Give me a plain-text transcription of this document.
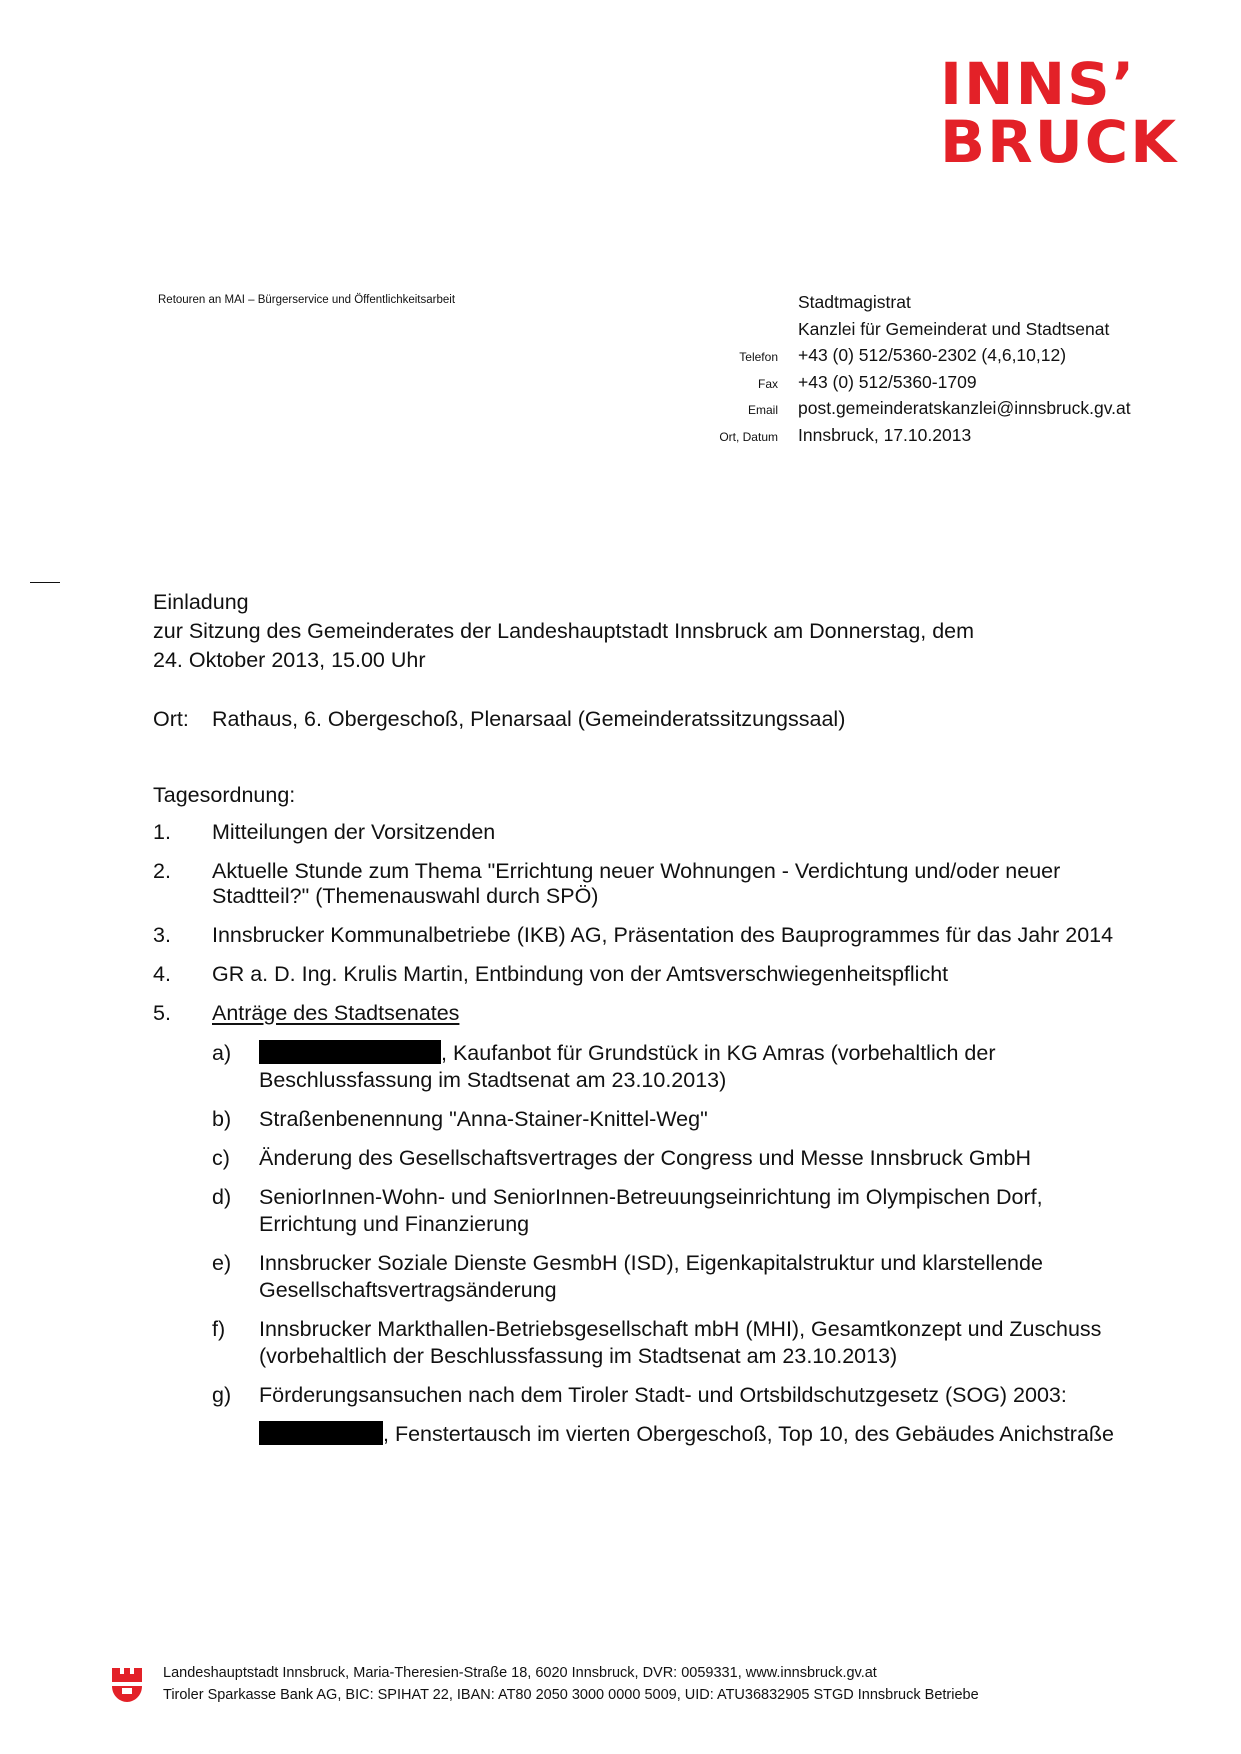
INNS’
BRUCK
Retouren an MAI – Bürgerservice und Öffentlichkeitsarbeit	Stadtmagistrat
Kanzlei für Gemeinderat und Stadtsenat
Telefon	+43 (0) 512/5360-2302 (4,6,10,12)
Fax	+43 (0) 512/5360-1709
Email	post.gemeinderatskanzlei@innsbruck.gv.at
Ort, Datum	Innsbruck, 17.10.2013
Einladung
zur Sitzung des Gemeinderates der Landeshauptstadt Innsbruck am Donnerstag, dem
24. Oktober 2013, 15.00 Uhr
Ort:	Rathaus, 6. Obergeschoß, Plenarsaal (Gemeinderatssitzungssaal)
Tagesordnung:
1.	Mitteilungen der Vorsitzenden
2.	Aktuelle Stunde zum Thema "Errichtung neuer Wohnungen - Verdichtung und/oder neuer Stadtteil?" (Themenauswahl durch SPÖ)
3.	Innsbrucker Kommunalbetriebe (IKB) AG, Präsentation des Bauprogrammes für das Jahr 2014
4.	GR a. D. Ing. Krulis Martin, Entbindung von der Amtsverschwiegenheitspflicht
5.	Anträge des Stadtsenates
a)	, Kaufanbot für Grundstück in KG Amras (vorbehaltlich der Beschlussfassung im Stadtsenat am 23.10.2013)
b)	Straßenbenennung "Anna-Stainer-Knittel-Weg"
c)	Änderung des Gesellschaftsvertrages der Congress und Messe Innsbruck GmbH
d)	SeniorInnen-Wohn- und SeniorInnen-Betreuungseinrichtung im Olympischen Dorf, Errichtung und Finanzierung
e)	Innsbrucker Soziale Dienste GesmbH (ISD), Eigenkapitalstruktur und klarstellende Gesellschaftsvertragsänderung
f)	Innsbrucker Markthallen-Betriebsgesellschaft mbH (MHI), Gesamtkonzept und Zuschuss (vorbehaltlich der Beschlussfassung im Stadtsenat am 23.10.2013)
g)	Förderungsansuchen nach dem Tiroler Stadt- und Ortsbildschutzgesetz (SOG) 2003:
, Fenstertausch im vierten Obergeschoß, Top 10, des Gebäudes Anichstraße
Landeshauptstadt Innsbruck, Maria-Theresien-Straße 18, 6020 Innsbruck, DVR: 0059331, www.innsbruck.gv.at
Tiroler Sparkasse Bank AG, BIC: SPIHAT 22, IBAN: AT80 2050 3000 0000 5009, UID: ATU36832905 STGD Innsbruck Betriebe
